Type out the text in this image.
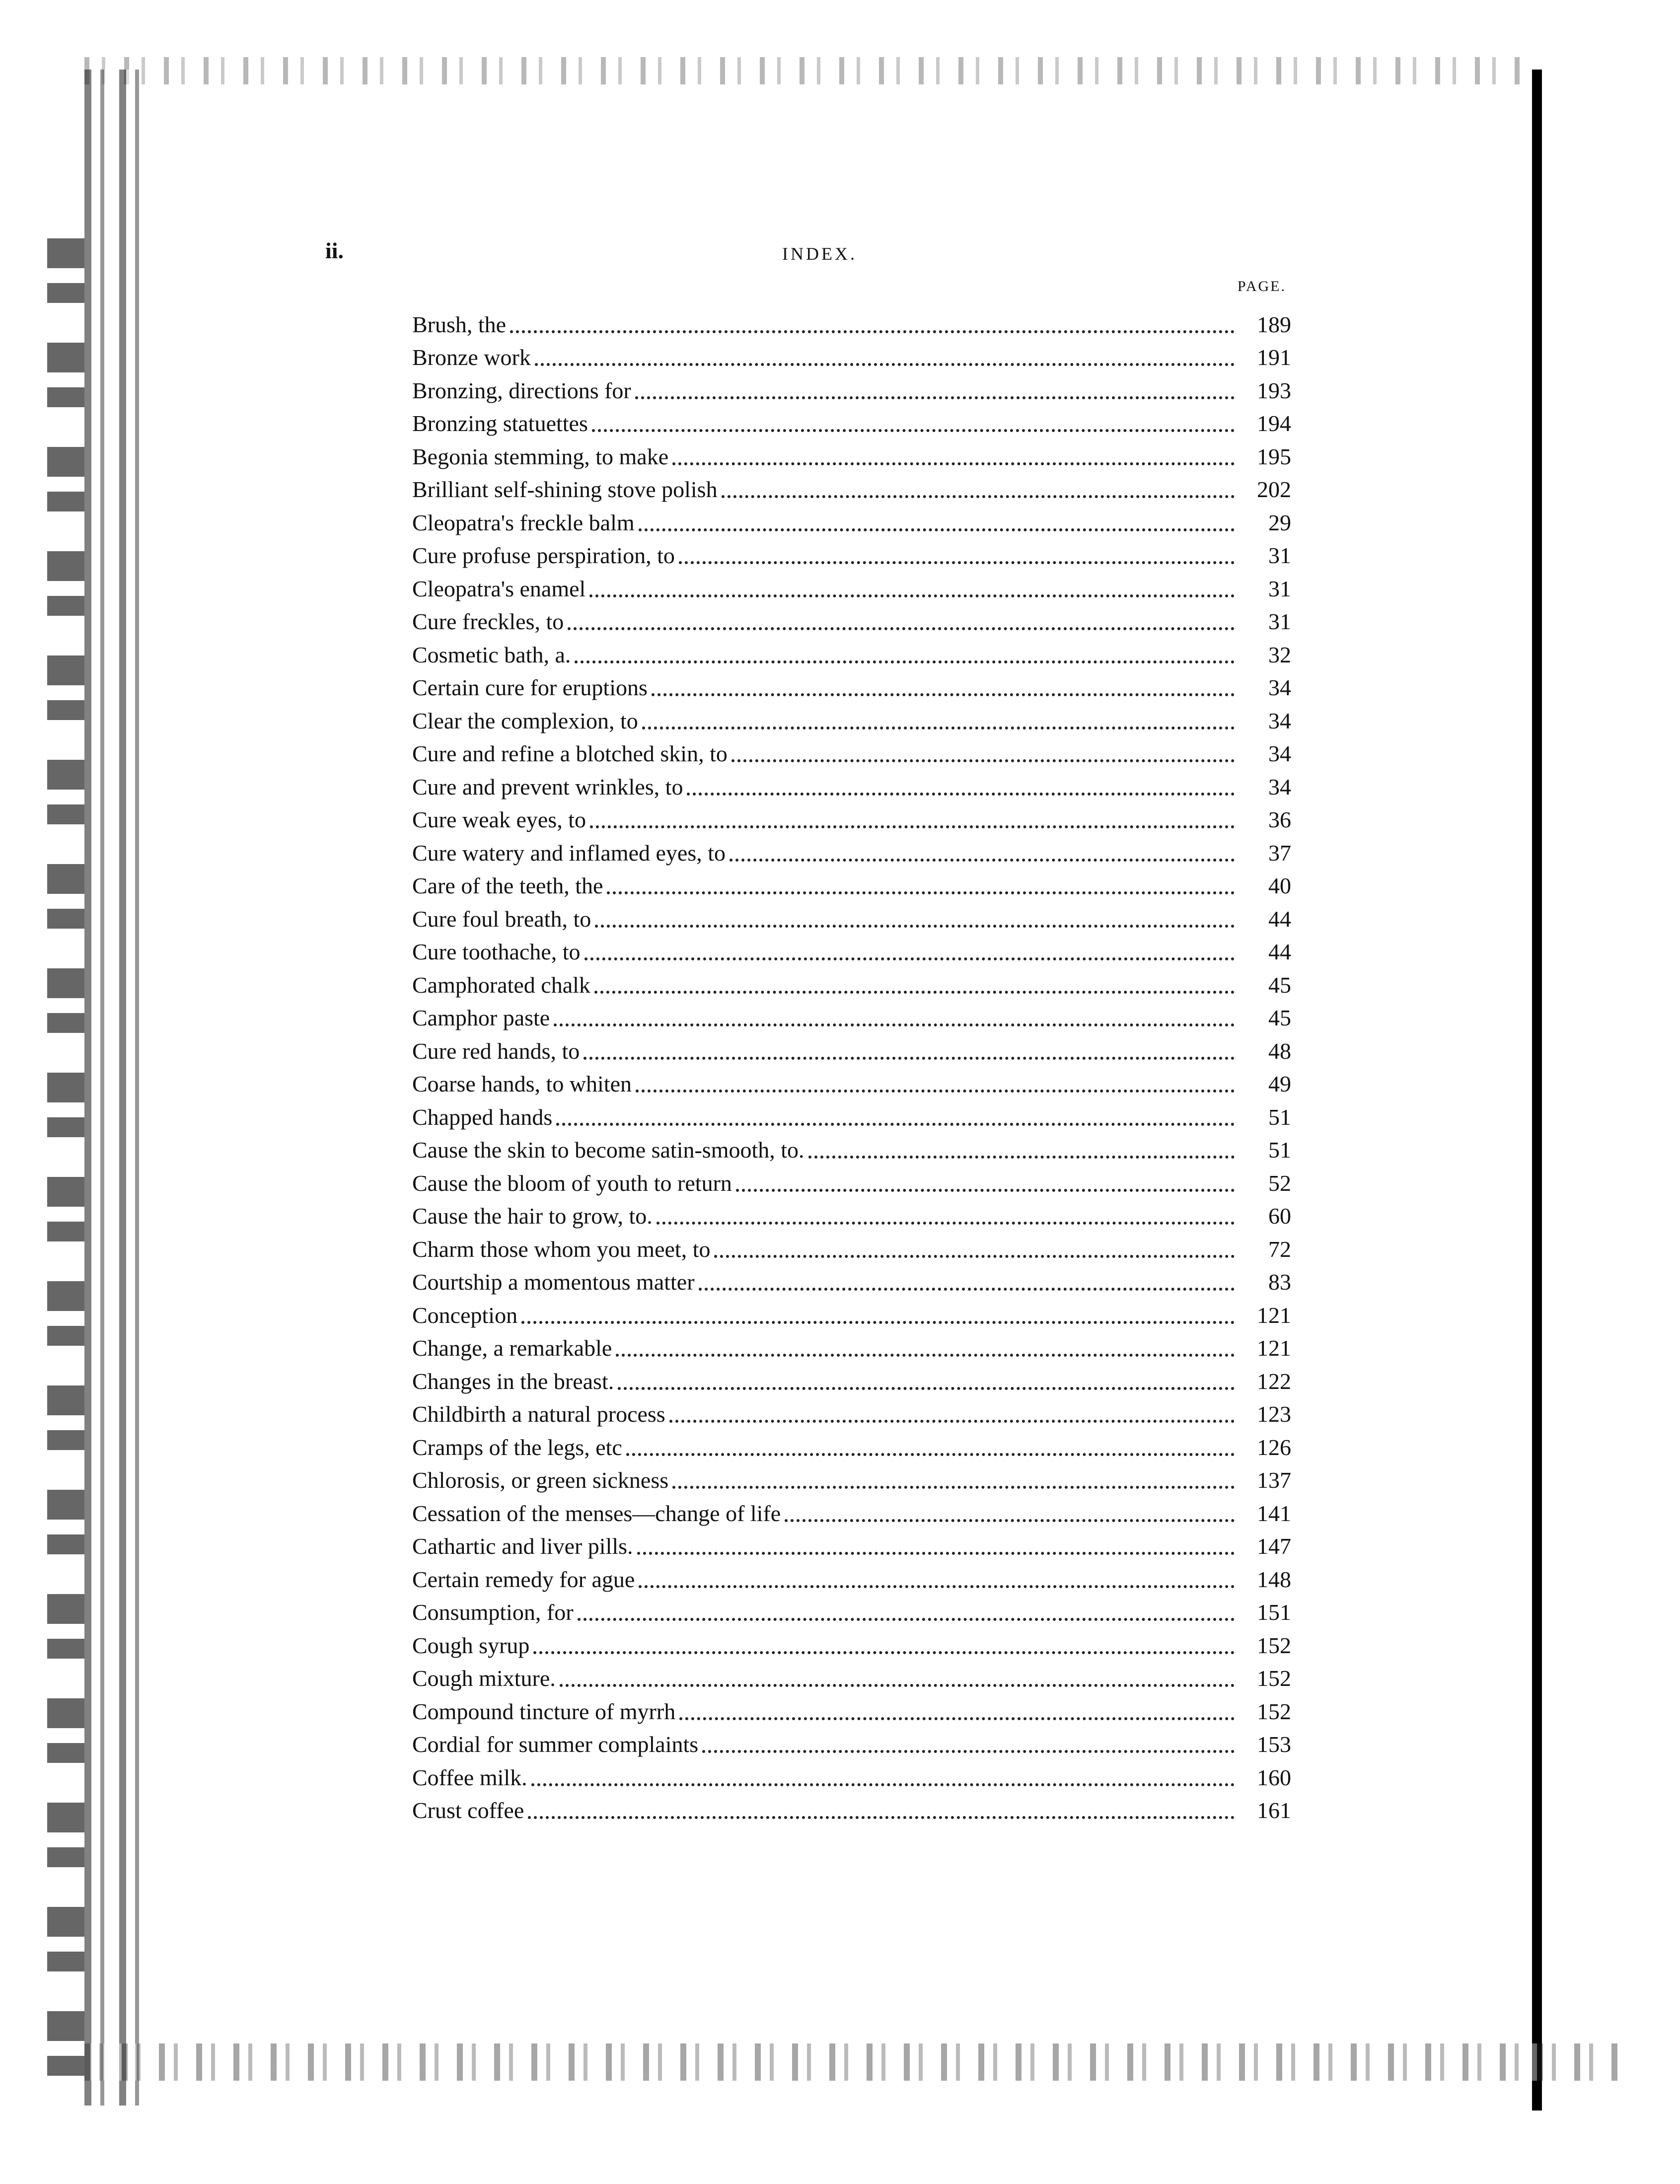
ii.	INDEX.
PAGE.
Brush, the	189
Bronze work	191
Bronzing, directions for	193
Bronzing statuettes	194
Begonia stemming, to make	195
Brilliant self-shining stove polish	202
Cleopatra's freckle balm	29
Cure profuse perspiration, to	31
Cleopatra's enamel	31
Cure freckles, to	31
Cosmetic bath, a.	32
Certain cure for eruptions	34
Clear the complexion, to	34
Cure and refine a blotched skin, to	34
Cure and prevent wrinkles, to	34
Cure weak eyes, to	36
Cure watery and inflamed eyes, to	37
Care of the teeth, the	40
Cure foul breath, to	44
Cure toothache, to	44
Camphorated chalk	45
Camphor paste	45
Cure red hands, to	48
Coarse hands, to whiten	49
Chapped hands	51
Cause the skin to become satin-smooth, to.	51
Cause the bloom of youth to return	52
Cause the hair to grow, to.	60
Charm those whom you meet, to	72
Courtship a momentous matter	83
Conception	121
Change, a remarkable	121
Changes in the breast.	122
Childbirth a natural process	123
Cramps of the legs, etc	126
Chlorosis, or green sickness	137
Cessation of the menses—change of life	141
Cathartic and liver pills.	147
Certain remedy for ague	148
Consumption, for	151
Cough syrup	152
Cough mixture.	152
Compound tincture of myrrh	152
Cordial for summer complaints	153
Coffee milk.	160
Crust coffee	161
